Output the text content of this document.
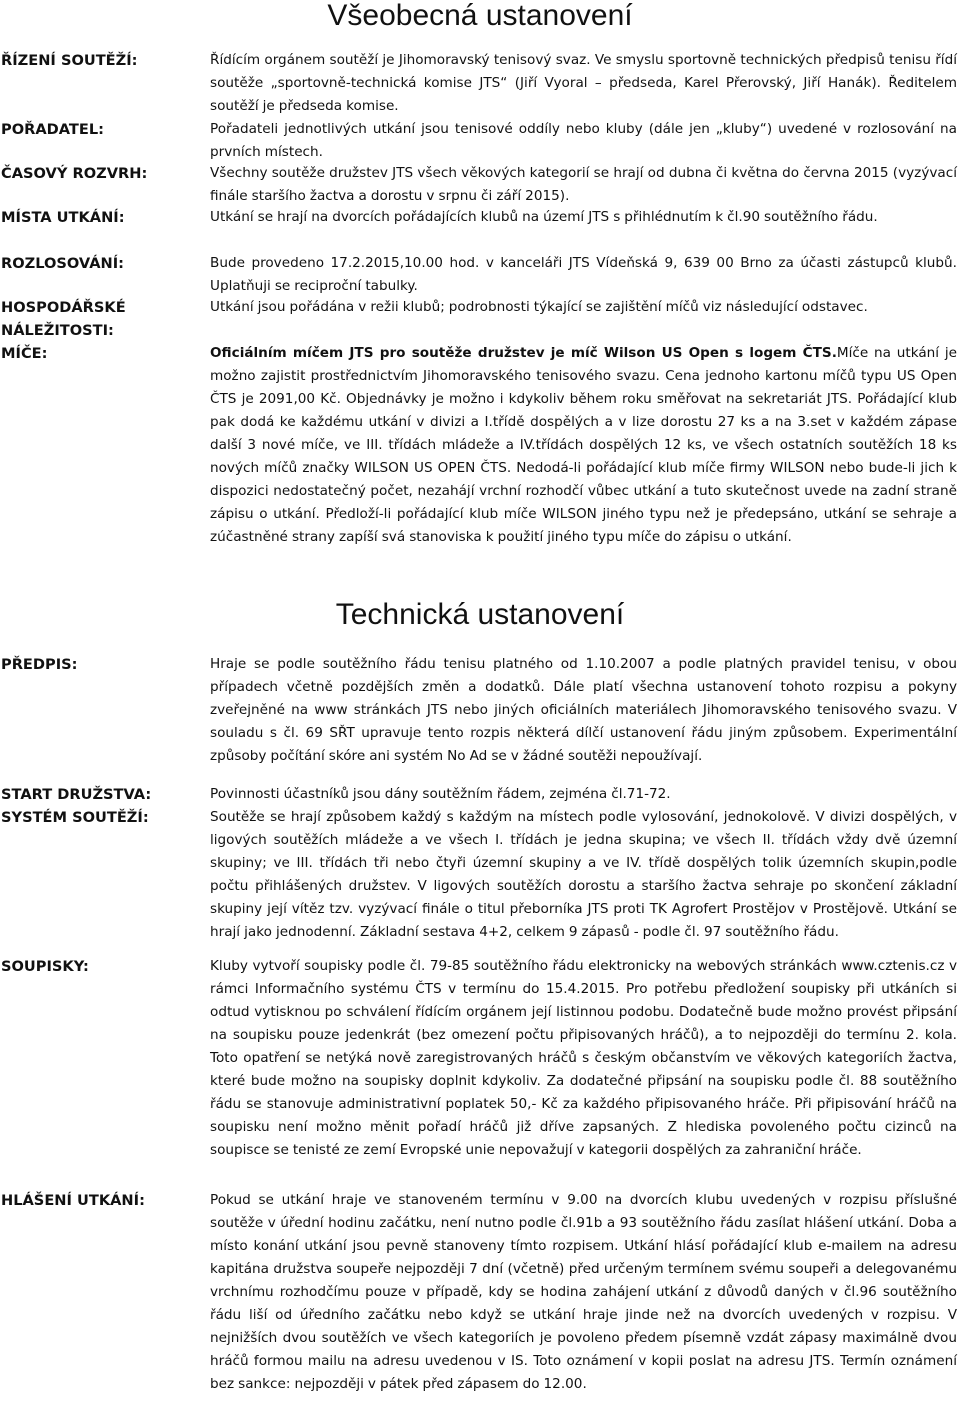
Všeobecná ustanovení
ŘÍZENÍ SOUTĚŽÍ:	Řídícím orgánem soutěží je Jihomoravský tenisový svaz. Ve smyslu sportovně technických předpisů tenisu řídí soutěže „sportovně-technická komise JTS“ (Jiří Vyoral – předseda, Karel Přerovský, Jiří Hanák). Ředitelem soutěží je předseda komise.
POŘADATEL:	Pořadateli jednotlivých utkání jsou tenisové oddíly nebo kluby (dále jen „kluby“) uvedené v rozlosování na prvních místech.
ČASOVÝ ROZVRH:	Všechny soutěže družstev JTS všech věkových kategorií se hrají od dubna či května do června 2015 (vyzývací finále staršího žactva a dorostu v srpnu či září 2015).
MÍSTA UTKÁNÍ:	Utkání se hrají na dvorcích pořádajících klubů na území JTS s přihlédnutím k čl.90 soutěžního řádu.
ROZLOSOVÁNÍ:	Bude provedeno 17.2.2015,10.00 hod. v kanceláři JTS Vídeňská 9, 639 00 Brno za účasti zástupců klubů. Uplatňuji se reciproční tabulky.
HOSPODÁŘSKÉ
NÁLEŽITOSTI:
Utkání jsou pořádána v režii klubů; podrobnosti týkající se zajištění míčů viz následující odstavec.
MÍČE:	Oficiálním míčem JTS pro soutěže družstev je míč Wilson US Open s logem ČTS.Míče na utkání je možno zajistit prostřednictvím Jihomoravského tenisového svazu. Cena jednoho kartonu míčů typu US Open ČTS je 2091,00 Kč. Objednávky je možno i kdykoliv během roku směřovat na sekretariát JTS. Pořádající klub pak dodá ke každému utkání v divizi a I.třídě dospělých a v lize dorostu 27 ks a na 3.set v každém zápase další 3 nové míče, ve III. třídách mládeže a IV.třídách dospělých 12 ks, ve všech ostatních soutěžích 18 ks nových míčů značky WILSON US OPEN ČTS. Nedodá-li pořádající klub míče firmy WILSON nebo bude-li jich k dispozici nedostatečný počet, nezahájí vrchní rozhodčí vůbec utkání a tuto skutečnost uvede na zadní straně zápisu o utkání. Předloží-li pořádající klub míče WILSON jiného typu než je předepsáno, utkání se sehraje a zúčastněné strany zapíší svá stanoviska k použití jiného typu míče do zápisu o utkání.
Technická ustanovení
PŘEDPIS:	Hraje se podle soutěžního řádu tenisu platného od 1.10.2007 a podle platných pravidel tenisu, v obou případech včetně pozdějších změn a dodatků. Dále platí všechna ustanovení tohoto rozpisu a pokyny zveřejněné na www stránkách JTS nebo jiných oficiálních materiálech Jihomoravského tenisového svazu. V souladu s čl. 69 SŘT upravuje tento rozpis některá dílčí ustanovení řádu jiným způsobem. Experimentální způsoby počítání skóre ani systém No Ad se v žádné soutěži nepoužívají.
START DRUŽSTVA:	Povinnosti účastníků jsou dány soutěžním řádem, zejména čl.71-72.
SYSTÉM SOUTĚŽÍ:	Soutěže se hrají způsobem každý s každým na místech podle vylosování, jednokolově. V divizi dospělých, v ligových soutěžích mládeže a ve všech I. třídách je jedna skupina; ve všech II. třídách vždy dvě územní skupiny; ve III. třídách tři nebo čtyři územní skupiny a ve IV. třídě dospělých tolik územních skupin,podle počtu přihlášených družstev. V ligových soutěžích dorostu a staršího žactva sehraje po skončení základní skupiny její vítěz tzv. vyzývací finále o titul přeborníka JTS proti TK Agrofert Prostějov v Prostějově. Utkání se hrají jako jednodenní. Základní sestava 4+2, celkem 9 zápasů - podle čl. 97 soutěžního řádu.
SOUPISKY:	Kluby vytvoří soupisky podle čl. 79-85 soutěžního řádu elektronicky na webových stránkách www.cztenis.cz v rámci Informačního systému ČTS v termínu do 15.4.2015. Pro potřebu předložení soupisky při utkáních si odtud vytisknou po schválení řídícím orgánem její listinnou podobu. Dodatečně bude možno provést připsání na soupisku pouze jedenkrát (bez omezení počtu připisovaných hráčů), a to nejpozději do termínu 2. kola. Toto opatření se netýká nově zaregistrovaných hráčů s českým občanstvím ve věkových kategoriích žactva, které bude možno na soupisky doplnit kdykoliv. Za dodatečné připsání na soupisku podle čl. 88 soutěžního řádu se stanovuje administrativní poplatek 50,- Kč za každého připisovaného hráče. Při připisování hráčů na soupisku není možno měnit pořadí hráčů již dříve zapsaných. Z hlediska povoleného počtu cizinců na soupisce se tenisté ze zemí Evropské unie nepovažují v kategorii dospělých za zahraniční hráče.
HLÁŠENÍ UTKÁNÍ:	Pokud se utkání hraje ve stanoveném termínu v 9.00 na dvorcích klubu uvedených v rozpisu příslušné soutěže v úřední hodinu začátku, není nutno podle čl.91b a 93 soutěžního řádu zasílat hlášení utkání. Doba a místo konání utkání jsou pevně stanoveny tímto rozpisem. Utkání hlásí pořádající klub e-mailem na adresu kapitána družstva soupeře nejpozději 7 dní (včetně) před určeným termínem svému soupeři a delegovanému vrchnímu rozhodčímu pouze v případě, kdy se hodina zahájení utkání z důvodů daných v čl.96 soutěžního řádu liší od úředního začátku nebo když se utkání hraje jinde než na dvorcích uvedených v rozpisu. V nejnižších dvou soutěžích ve všech kategoriích je povoleno předem písemně vzdát zápasy maximálně dvou hráčů formou mailu na adresu uvedenou v IS. Toto oznámení v kopii poslat na adresu JTS. Termín oznámení bez sankce: nejpozději v pátek před zápasem do 12.00.
